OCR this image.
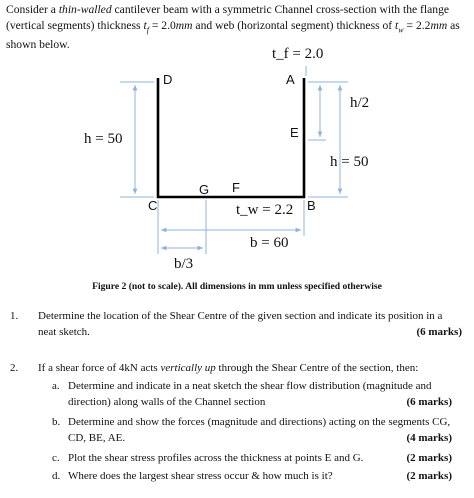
Consider a thin-walled cantilever beam with a symmetric Channel cross-section with the flange (vertical segments) thickness $t_f = 2.0mm$ and web (horizontal segment) thickness of $t_w = 2.2mm$ as shown below.
t_f = 2.0
A
D
E
h/2
h = 50
h = 50
G F
C	B
t_w = 2.2
b = 60
b/3
Figure 2 (not to scale). All dimensions in mm unless specified otherwise
1. Determine the location of the Shear Centre of the given section and indicate its position in a neat sketch.	(6 marks)
2. If a shear force of 4kN acts vertically up through the Shear Centre of the section, then:
a. Determine and indicate in a neat sketch the shear flow distribution (magnitude and direction) along walls of the Channel section	(6 marks)
b. Determine and show the forces (magnitude and directions) acting on the segments CG, CD, BE, AE.	(4 marks)
c. Plot the shear stress profiles across the thickness at points E and G.	(2 marks)
d. Where does the largest shear stress occur & how much is it?	(2 marks)
